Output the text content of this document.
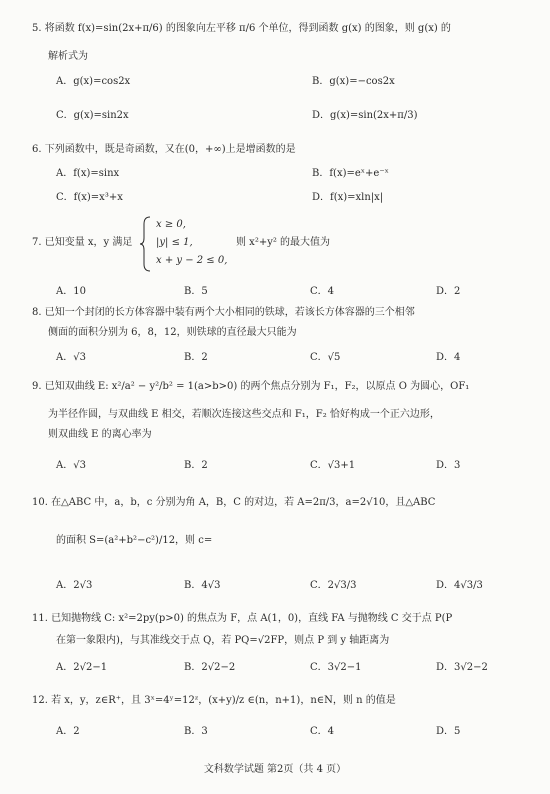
5. 将函数 f(x)=sin(2x+π/6) 的图象向左平移 π/6 个单位，得到函数 g(x) 的图象，则 g(x) 的
解析式为
A．g(x)=cos2x	B．g(x)=−cos2x
C．g(x)=sin2x	D．g(x)=sin(2x+π/3)
6. 下列函数中，既是奇函数，又在(0，+∞)上是增函数的是
A．f(x)=sinx	B．f(x)=eˣ+e⁻ˣ
C．f(x)=x³+x	D．f(x)=xln|x|
7. 已知变量 x，y 满足
x ≥ 0,
|y| ≤ 1,
x + y − 2 ≤ 0,
则 x²+y² 的最大值为
A．10	B．5	C．4	D．2
8. 已知一个封闭的长方体容器中装有两个大小相同的铁球，若该长方体容器的三个相邻
侧面的面积分别为 6，8，12，则铁球的直径最大只能为
A．√3	B．2	C．√5	D．4
9. 已知双曲线 E: x²/a² − y²/b² = 1(a>b>0) 的两个焦点分别为 F₁，F₂，以原点 O 为圆心，OF₁
为半径作圆，与双曲线 E 相交，若顺次连接这些交点和 F₁，F₂ 恰好构成一个正六边形，
则双曲线 E 的离心率为
A．√3	B．2	C．√3+1	D．3
10. 在△ABC 中，a，b，c 分别为角 A，B，C 的对边，若 A=2π/3，a=2√10，且△ABC
的面积 S=(a²+b²−c²)/12，则 c=
A．2√3	B．4√3	C．2√3/3	D．4√3/3
11. 已知抛物线 C: x²=2py(p>0) 的焦点为 F，点 A(1，0)，直线 FA 与抛物线 C 交于点 P(P
在第一象限内)，与其准线交于点 Q，若 PQ=√2FP，则点 P 到 y 轴距离为
A．2√2−1	B．2√2−2	C．3√2−1	D．3√2−2
12. 若 x，y，z∈R⁺，且 3ˣ=4ʸ=12ᶻ，(x+y)/z ∈(n，n+1)，n∈N，则 n 的值是
A．2	B．3	C．4	D．5
文科数学试题 第2页（共 4 页）
